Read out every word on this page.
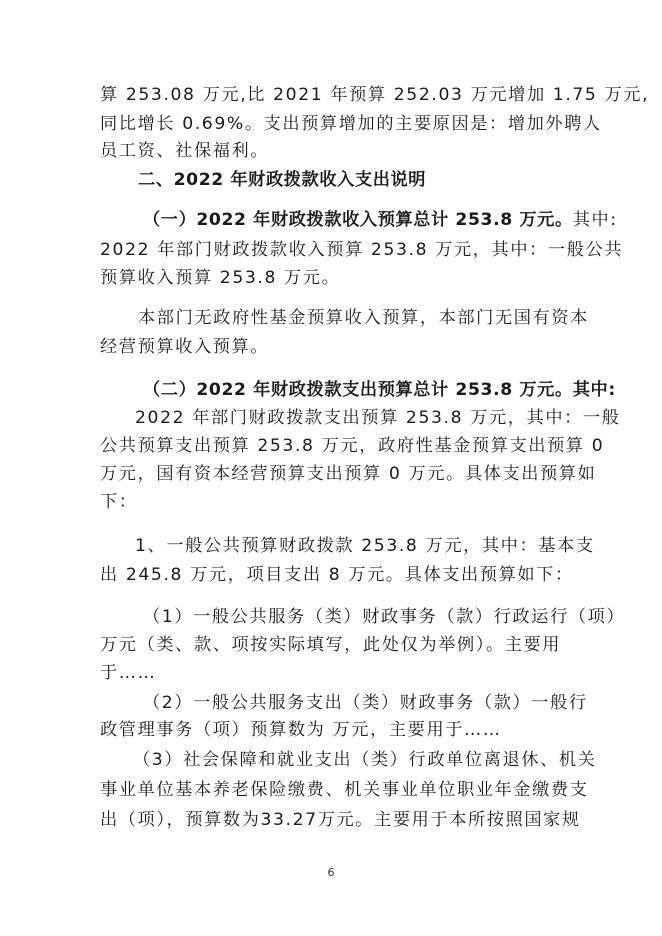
算 253.08 万元,比 2021 年预算 252.03 万元增加 1.75 万元,
同比增长 0.69%。支出预算增加的主要原因是：增加外聘人
员工资、社保福利。
二、2022 年财政拨款收入支出说明
（一）2022 年财政拨款收入预算总计 253.8 万元。其中:
2022 年部门财政拨款收入预算 253.8 万元，其中：一般公共
预算收入预算 253.8 万元。
本部门无政府性基金预算收入预算，本部门无国有资本
经营预算收入预算。
（二）2022 年财政拨款支出预算总计 253.8 万元。其中:
2022 年部门财政拨款支出预算 253.8 万元，其中：一般
公共预算支出预算 253.8 万元，政府性基金预算支出预算 0
万元，国有资本经营预算支出预算 0 万元。具体支出预算如
下：
1、一般公共预算财政拨款 253.8 万元，其中：基本支
出 245.8 万元，项目支出 8 万元。具体支出预算如下：
（1）一般公共服务（类）财政事务（款）行政运行（项）
万元（类、款、项按实际填写，此处仅为举例）。主要用
于……
（2）一般公共服务支出（类）财政事务（款）一般行
政管理事务（项）预算数为 万元，主要用于……
（3）社会保障和就业支出（类）行政单位离退休、机关
事业单位基本养老保险缴费、机关事业单位职业年金缴费支
出（项），预算数为33.27万元。主要用于本所按照国家规
6
